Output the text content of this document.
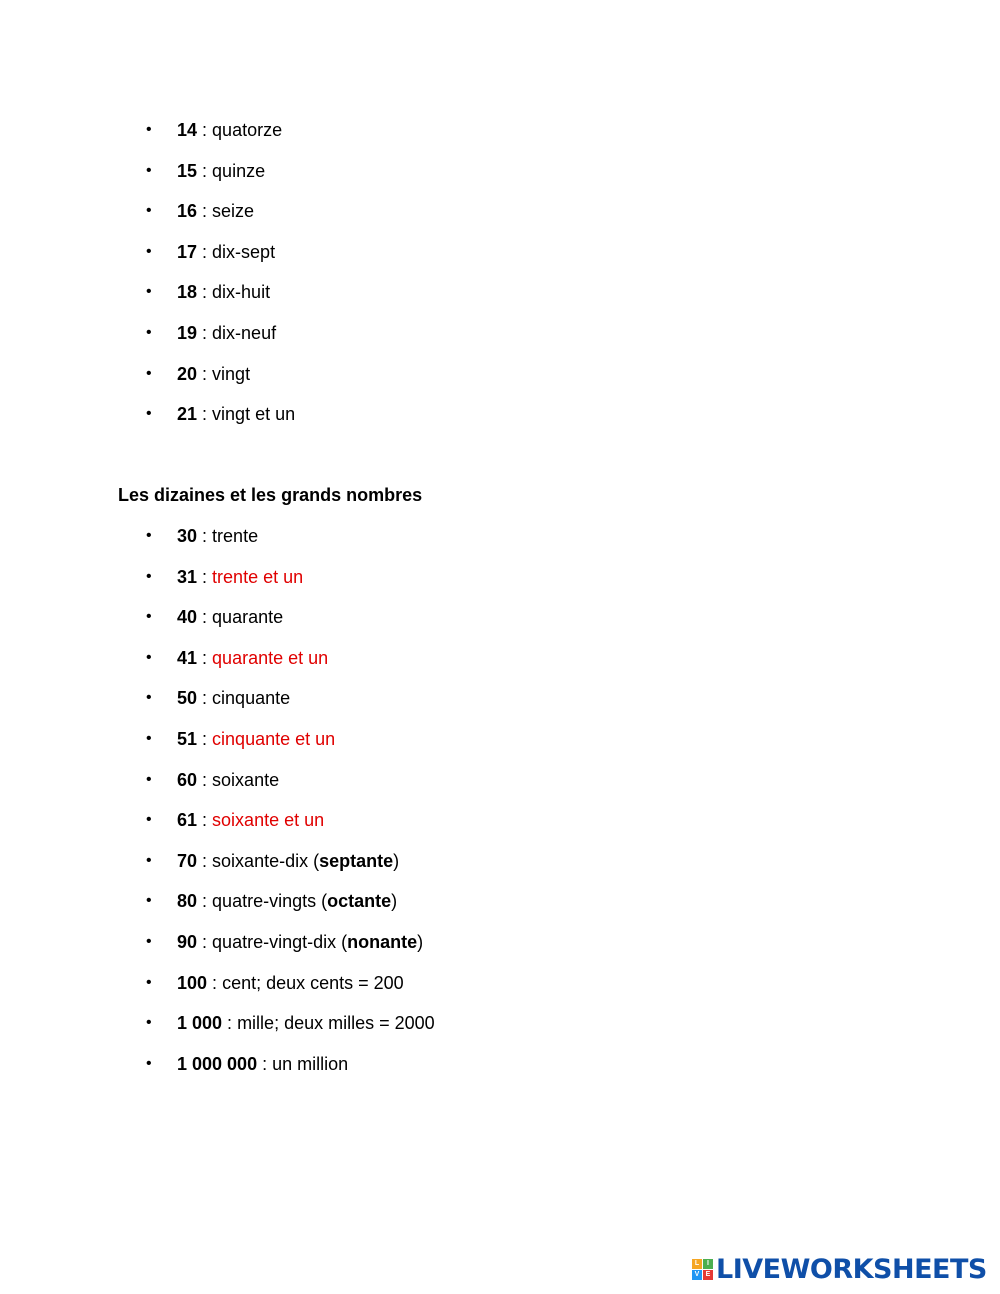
•	14 : quatorze
•	15 : quinze
•	16 : seize
•	17 : dix-sept
•	18 : dix-huit
•	19 : dix-neuf
•	20 : vingt
•	21 : vingt et un
Les dizaines et les grands nombres
•	30 : trente
•	31 : trente et un
•	40 : quarante
•	41 : quarante et un
•	50 : cinquante
•	51 : cinquante et un
•	60 : soixante
•	61 : soixante et un
•	70 : soixante-dix (septante)
•	80 : quatre-vingts (octante)
•	90 : quatre-vingt-dix (nonante)
•	100 : cent; deux cents = 200
•	1 000 : mille; deux milles = 2000
•	1 000 000 : un million
L	I
V E LIVEWORKSHEETS
